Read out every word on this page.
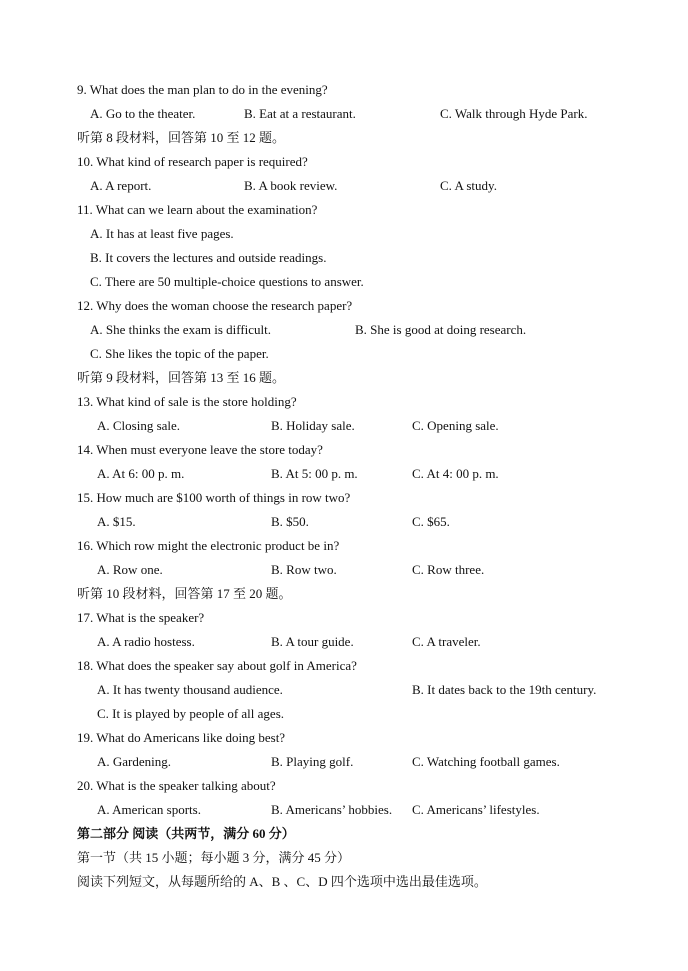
9. What does the man plan to do in the evening?
A. Go to the theater.	B. Eat at a restaurant.	C. Walk through Hyde Park.
听第 8 段材料，回答第 10 至 12 题。
10. What kind of research paper is required?
A. A report.	B. A book review.	C. A study.
11. What can we learn about the examination?
A. It has at least five pages.
B. It covers the lectures and outside readings.
C. There are 50 multiple-choice questions to answer.
12. Why does the woman choose the research paper?
A. She thinks the exam is difficult.	B. She is good at doing research.
C. She likes the topic of the paper.
听第 9 段材料，回答第 13 至 16 题。
13. What kind of sale is the store holding?
A. Closing sale.	B. Holiday sale.	C. Opening sale.
14. When must everyone leave the store today?
A. At 6: 00 p. m.	B. At 5: 00 p. m.	C. At 4: 00 p. m.
15. How much are $100 worth of things in row two?
A. $15.	B. $50.	C. $65.
16. Which row might the electronic product be in?
A. Row one.	B. Row two.	C. Row three.
听第 10 段材料，回答第 17 至 20 题。
17. What is the speaker?
A. A radio hostess.	B. A tour guide.	C. A traveler.
18. What does the speaker say about golf in America?
A. It has twenty thousand audience.	B. It dates back to the 19th century.
C. It is played by people of all ages.
19. What do Americans like doing best?
A. Gardening.	B. Playing golf.	C. Watching football games.
20. What is the speaker talking about?
A. American sports.	B. Americans’ hobbies. C. Americans’ lifestyles.
第二部分 阅读（共两节，满分 60 分）
第一节（共 15 小题；每小题 3 分，满分 45 分）
阅读下列短文，从每题所给的 A、B 、C、D 四个选项中选出最佳选项。
